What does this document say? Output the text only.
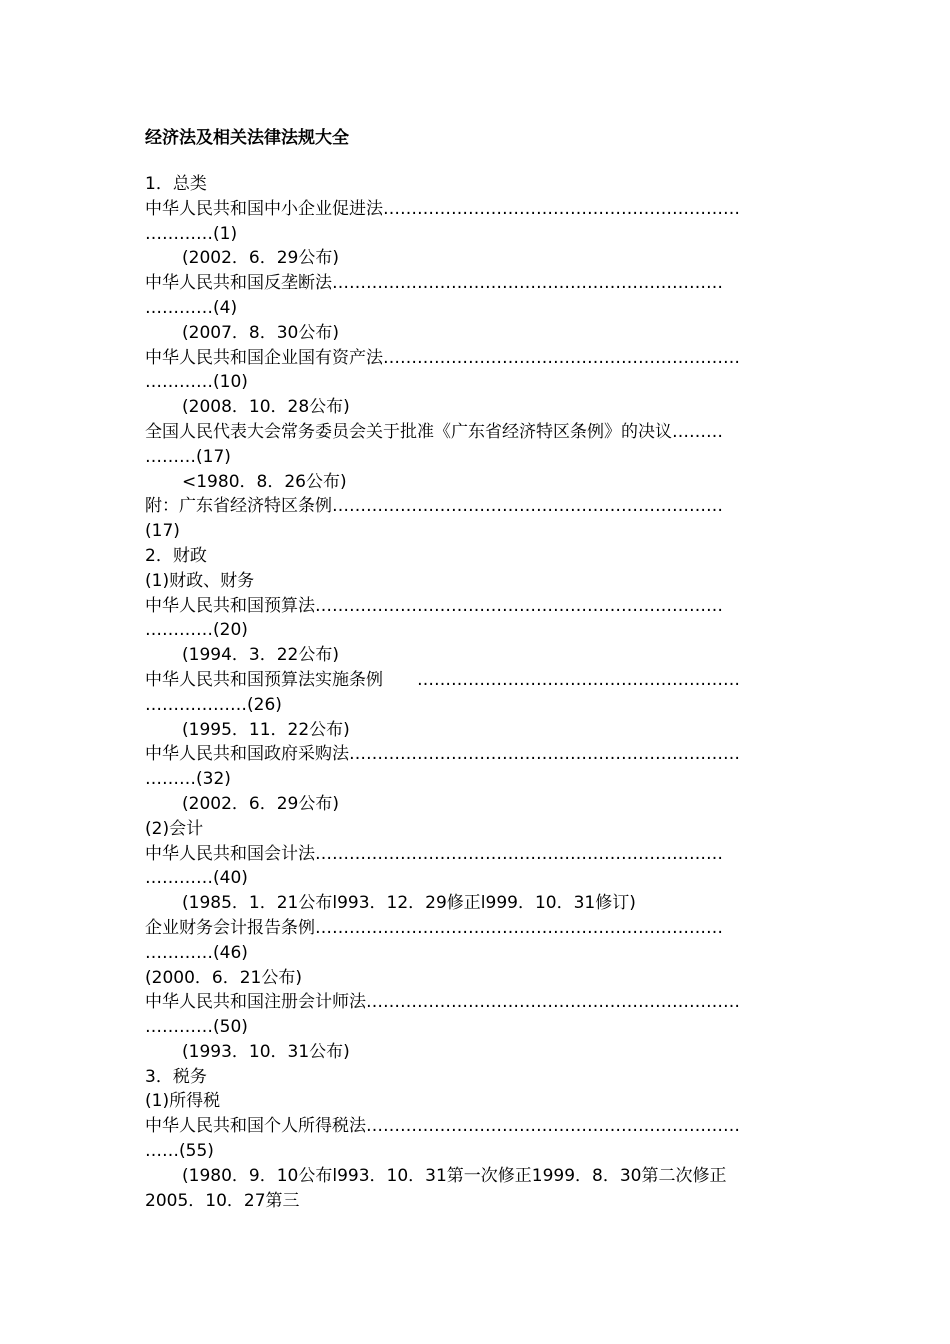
经济法及相关法律法规大全
1．总类
中华人民共和国中小企业促进法………………………………………………………
…………(1)
(2002．6．29公布)
中华人民共和国反垄断法……………………………………………………………
…………(4)
(2007．8．30公布)
中华人民共和国企业国有资产法………………………………………………………
…………(10)
(2008．10．28公布)
全国人民代表大会常务委员会关于批准《广东省经济特区条例》的决议………
………(17)
<1980．8．26公布)
附：广东省经济特区条例……………………………………………………………
(17)
2．财政
(1)财政、财务
中华人民共和国预算法………………………………………………………………
…………(20)
(1994．3．22公布)
中华人民共和国预算法实施条例　　…………………………………………………
………………(26)
(1995．11．22公布)
中华人民共和国政府采购法……………………………………………………………
………(32)
(2002．6．29公布)
(2)会计
中华人民共和国会计法………………………………………………………………
…………(40)
(1985．1．21公布l993．12．29修正l999．10．31修订)
企业财务会计报告条例………………………………………………………………
…………(46)
(2000．6．21公布)
中华人民共和国注册会计师法…………………………………………………………
…………(50)
(1993．10．31公布)
3．税务
(1)所得税
中华人民共和国个人所得税法…………………………………………………………
……(55)
(1980．9．10公布l993．10．31第一次修正1999．8．30第二次修正
2005．10．27第三
